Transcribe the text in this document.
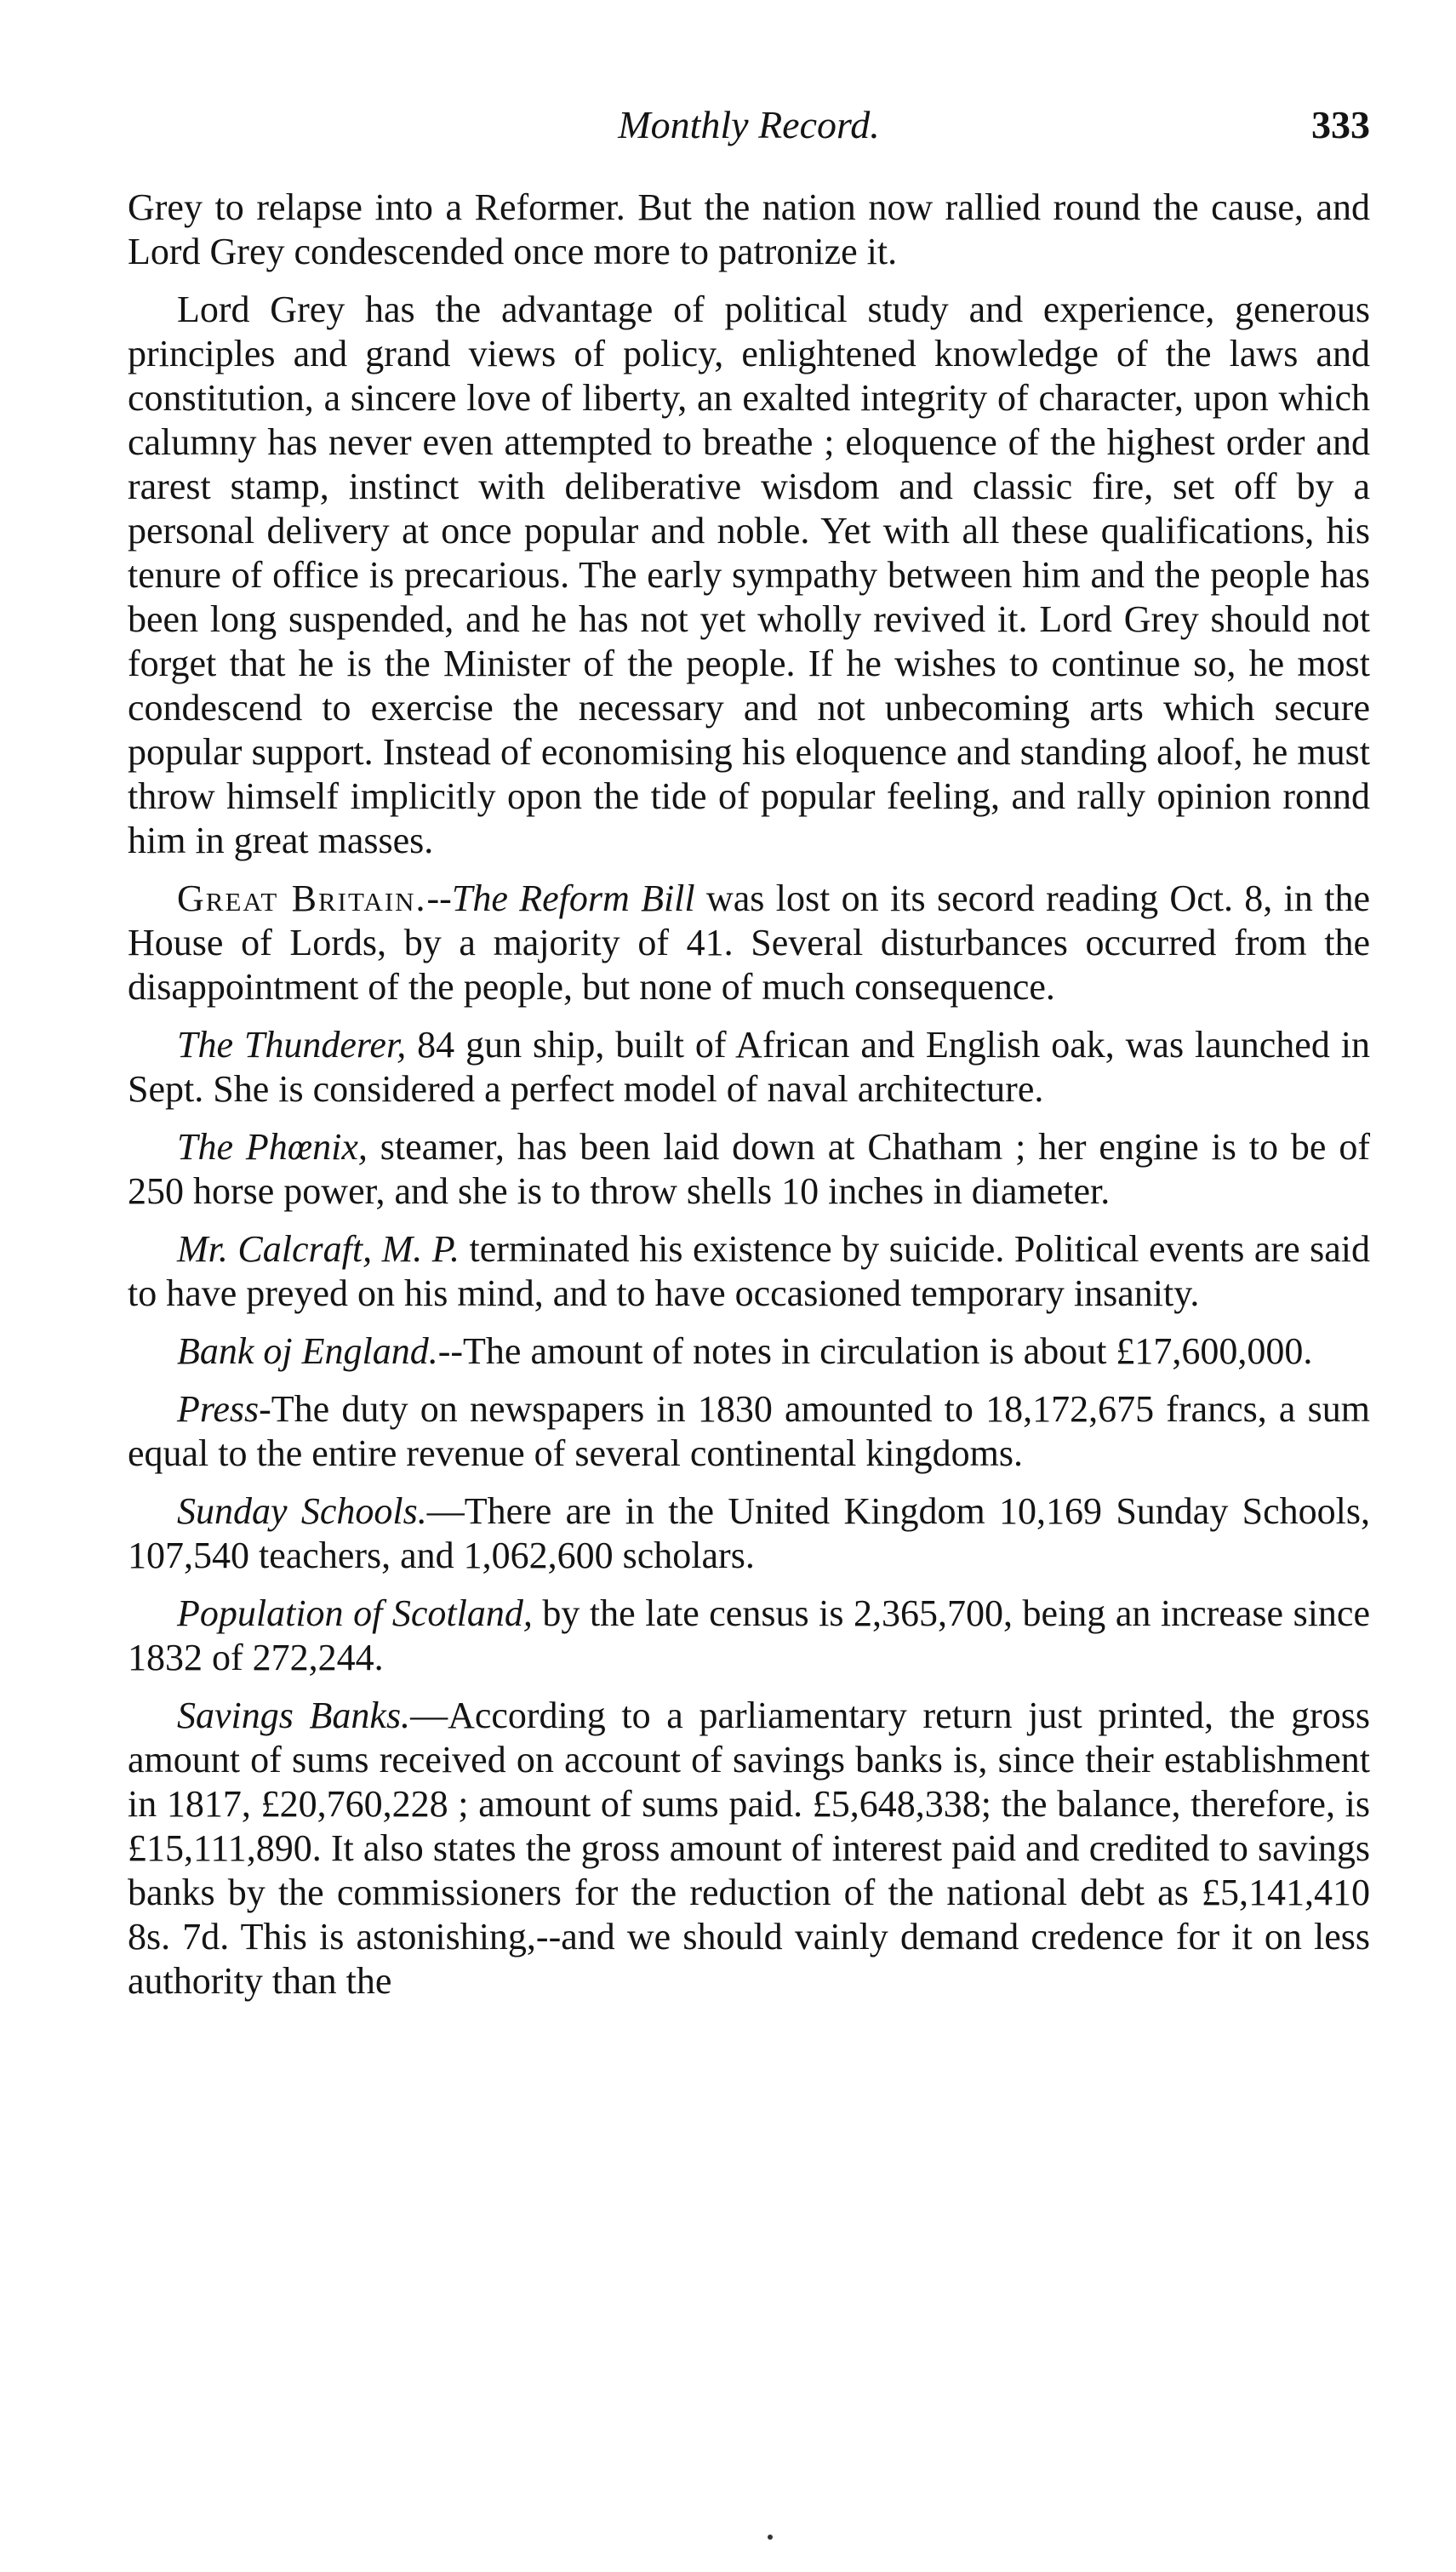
Monthly Record.	333

Grey to relapse into a Reformer. But the nation now rallied round the cause, and Lord Grey condescended once more to patronize it.

Lord Grey has the advantage of political study and experience, generous principles and grand views of policy, enlightened knowledge of the laws and constitution, a sincere love of liberty, an exalted integrity of character, upon which calumny has never even attempted to breathe ; eloquence of the highest order and rarest stamp, instinct with deliberative wisdom and classic fire, set off by a personal delivery at once popular and noble. Yet with all these qualifications, his tenure of office is precarious. The early sympathy between him and the people has been long suspended, and he has not yet wholly revived it. Lord Grey should not forget that he is the Minister of the people. If he wishes to continue so, he most condescend to exercise the necessary and not unbecoming arts which secure popular support. Instead of economising his eloquence and standing aloof, he must throw himself implicitly opon the tide of popular feeling, and rally opinion ronnd him in great masses.

Great Britain.--The Reform Bill was lost on its secord reading Oct. 8, in the House of Lords, by a majority of 41. Several disturbances occurred from the disappointment of the people, but none of much consequence.

The Thunderer, 84 gun ship, built of African and English oak, was launched in Sept. She is considered a perfect model of naval architecture.

The Phœnix, steamer, has been laid down at Chatham ; her engine is to be of 250 horse power, and she is to throw shells 10 inches in diameter.

Mr. Calcraft, M. P. terminated his existence by suicide. Political events are said to have preyed on his mind, and to have occasioned temporary insanity.

Bank oj England.--The amount of notes in circulation is about £17,600,000.

Press-The duty on newspapers in 1830 amounted to 18,172,675 francs, a sum equal to the entire revenue of several continental kingdoms.

Sunday Schools.—There are in the United Kingdom 10,169 Sunday Schools, 107,540 teachers, and 1,062,600 scholars.

Population of Scotland, by the late census is 2,365,700, being an increase since 1832 of 272,244.

Savings Banks.—According to a parliamentary return just printed, the gross amount of sums received on account of savings banks is, since their establishment in 1817, £20,760,228 ; amount of sums paid. £5,648,338; the balance, therefore, is £15,111,890. It also states the gross amount of interest paid and credited to savings banks by the commissioners for the reduction of the national debt as £5,141,410 8s. 7d. This is astonishing,--and we should vainly demand credence for it on less authority than the
